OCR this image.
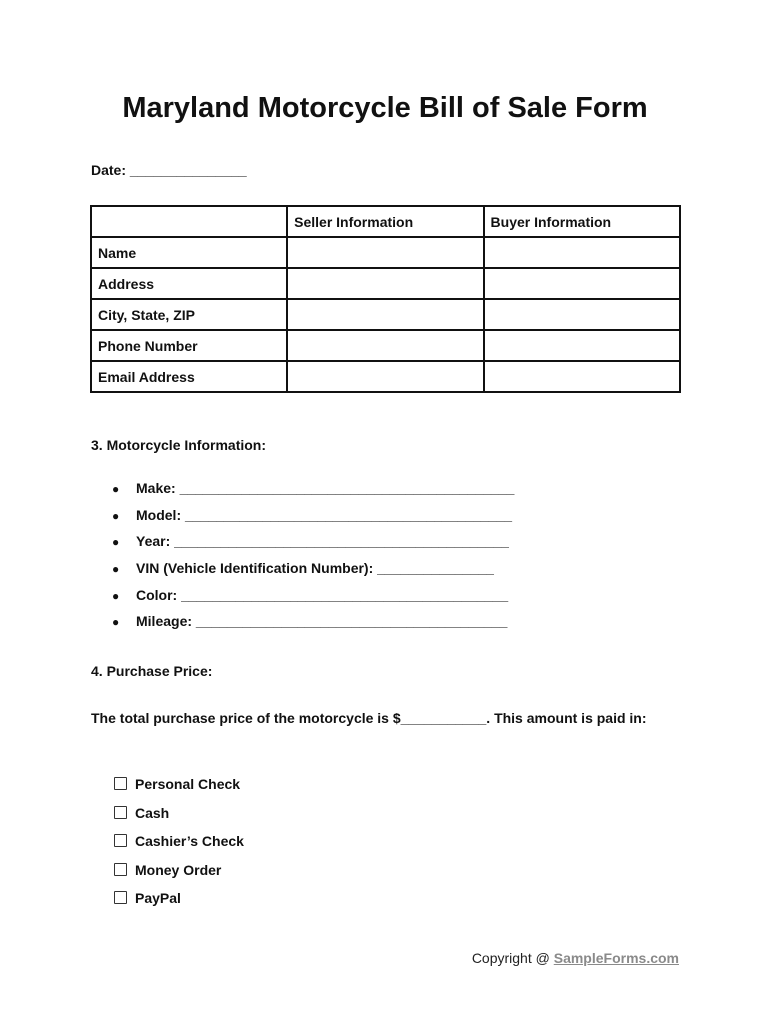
Maryland Motorcycle Bill of Sale Form
Date: _______________
	Seller Information	Buyer Information
Name		
Address		
City, State, ZIP		
Phone Number		
Email Address		
3. Motorcycle Information:
● Make: ___________________________________________
● Model: __________________________________________
● Year: ___________________________________________
● VIN (Vehicle Identification Number): _______________
● Color: __________________________________________
● Mileage: ________________________________________
4. Purchase Price:
The total purchase price of the motorcycle is $___________. This amount is paid in:
Personal Check
Cash
Cashier’s Check
Money Order
PayPal
Copyright @ SampleForms.com
